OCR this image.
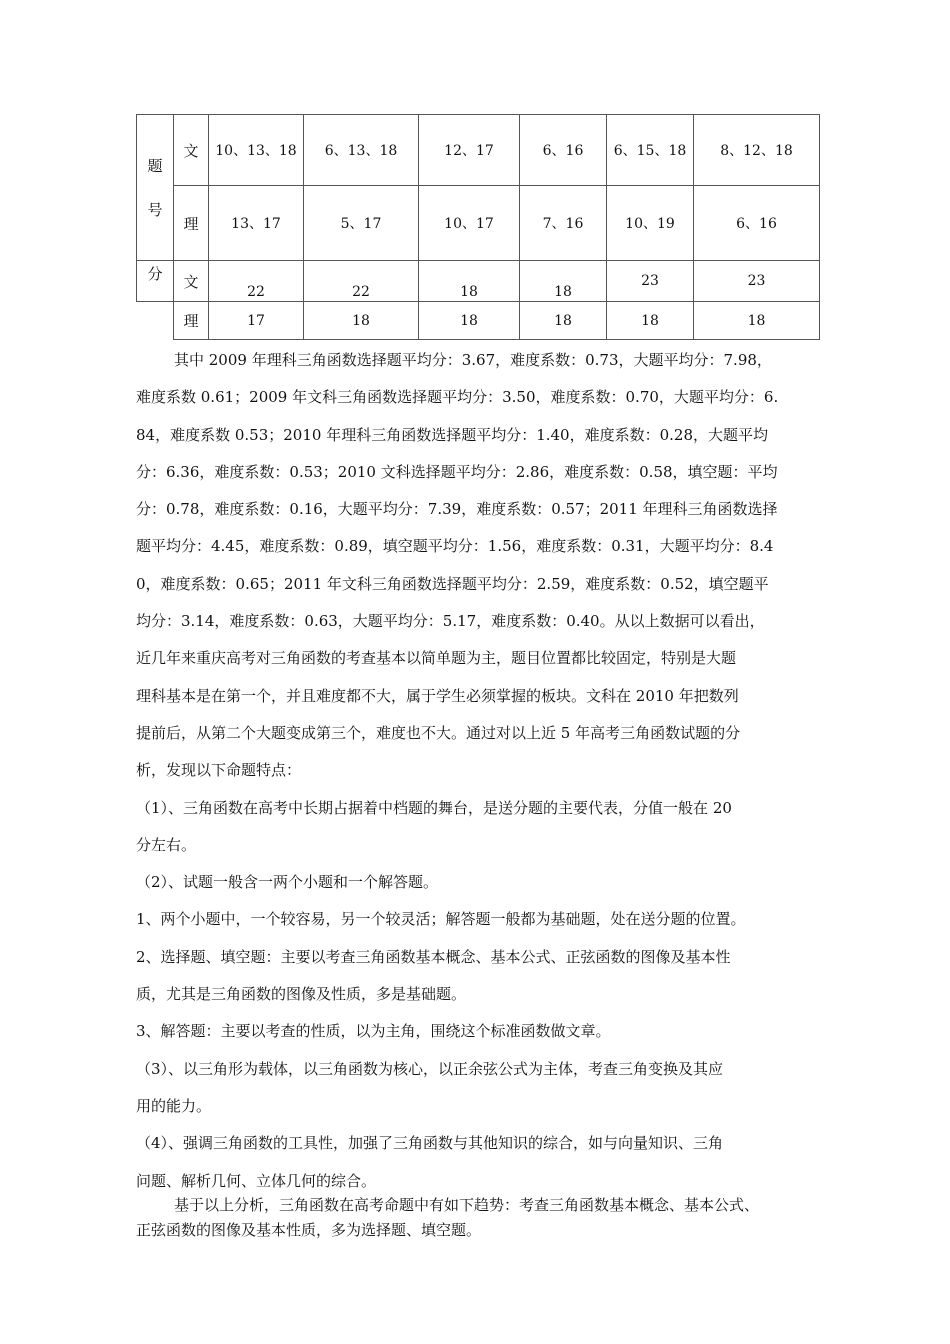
题
号	文	10、13、18	6、13、18	12、17	6、16	6、15、18	8、12、18
	理	13、17	5、17	10、17	7、16	10、19	6、16
分	文	22	22	18	18	23	23
	理	17	18	18	18	18	18
其中 2009 年理科三角函数选择题平均分：3.67，难度系数：0.73，大题平均分：7.98，
难度系数 0.61；2009 年文科三角函数选择题平均分：3.50，难度系数：0.70，大题平均分：6.
84，难度系数 0.53；2010 年理科三角函数选择题平均分：1.40，难度系数：0.28，大题平均
分：6.36，难度系数：0.53；2010 文科选择题平均分：2.86，难度系数：0.58，填空题：平均
分：0.78，难度系数：0.16，大题平均分：7.39，难度系数：0.57；2011 年理科三角函数选择
题平均分：4.45，难度系数：0.89，填空题平均分：1.56，难度系数：0.31，大题平均分：8.4
0，难度系数：0.65；2011 年文科三角函数选择题平均分：2.59，难度系数：0.52，填空题平
均分：3.14，难度系数：0.63，大题平均分：5.17，难度系数：0.40。从以上数据可以看出，
近几年来重庆高考对三角函数的考查基本以简单题为主，题目位置都比较固定，特别是大题
理科基本是在第一个，并且难度都不大，属于学生必须掌握的板块。文科在 2010 年把数列
提前后，从第二个大题变成第三个，难度也不大。通过对以上近 5 年高考三角函数试题的分
析，发现以下命题特点：
（1）、三角函数在高考中长期占据着中档题的舞台，是送分题的主要代表，分值一般在 20
分左右。
（2）、试题一般含一两个小题和一个解答题。
1、两个小题中，一个较容易，另一个较灵活；解答题一般都为基础题，处在送分题的位置。
2、选择题、填空题：主要以考查三角函数基本概念、基本公式、正弦函数的图像及基本性
质，尤其是三角函数的图像及性质，多是基础题。
3、解答题：主要以考查的性质，以为主角，围绕这个标准函数做文章。
（3）、以三角形为载体，以三角函数为核心，以正余弦公式为主体，考查三角变换及其应
用的能力。
（4）、强调三角函数的工具性，加强了三角函数与其他知识的综合，如与向量知识、三角
问题、解析几何、立体几何的综合。
基于以上分析，三角函数在高考命题中有如下趋势：考查三角函数基本概念、基本公式、
正弦函数的图像及基本性质，多为选择题、填空题。
